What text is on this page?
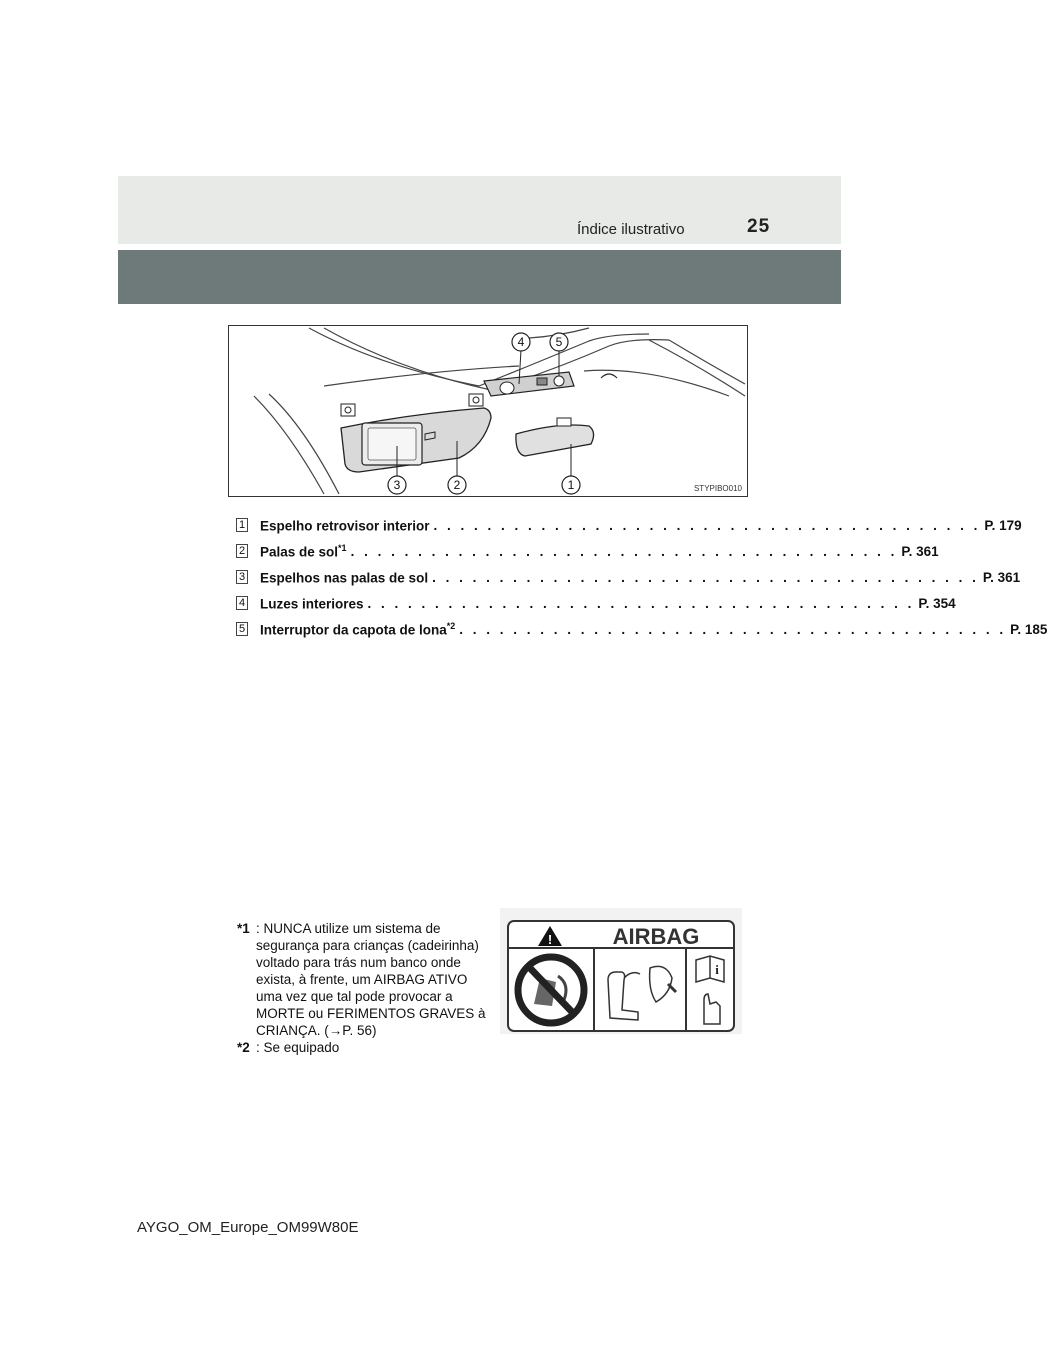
Índice ilustrativo	25
4	5
3	2	1	STYPIBO010
1 Espelho retrovisor interior . . . . . . . . . . . . . . . . . . . . . . . . . . . . . . . . . . . . . . . . . P. 179
2 Palas de sol$^{*1}$ . . . . . . . . . . . . . . . . . . . . . . . . . . . . . . . . . . . . . . . . . P. 361
3 Espelhos nas palas de sol . . . . . . . . . . . . . . . . . . . . . . . . . . . . . . . . . . . . . . . . . P. 361
4 Luzes interiores . . . . . . . . . . . . . . . . . . . . . . . . . . . . . . . . . . . . . . . . . P. 354
5 Interruptor da capota de lona$^{*2}$ . . . . . . . . . . . . . . . . . . . . . . . . . . . . . . . . . . . . . . . . . P. 185
*1 : NUNCA utilize um sistema de segurança para crianças (cadeirinha) voltado para trás num banco onde exista, à frente, um AIRBAG ATIVO uma vez que tal pode provocar a MORTE ou FERIMENTOS GRAVES à CRIANÇA. (→P. 56)
*2 : Se equipado
!	AIRBAG
i
AYGO_OM_Europe_OM99W80E
